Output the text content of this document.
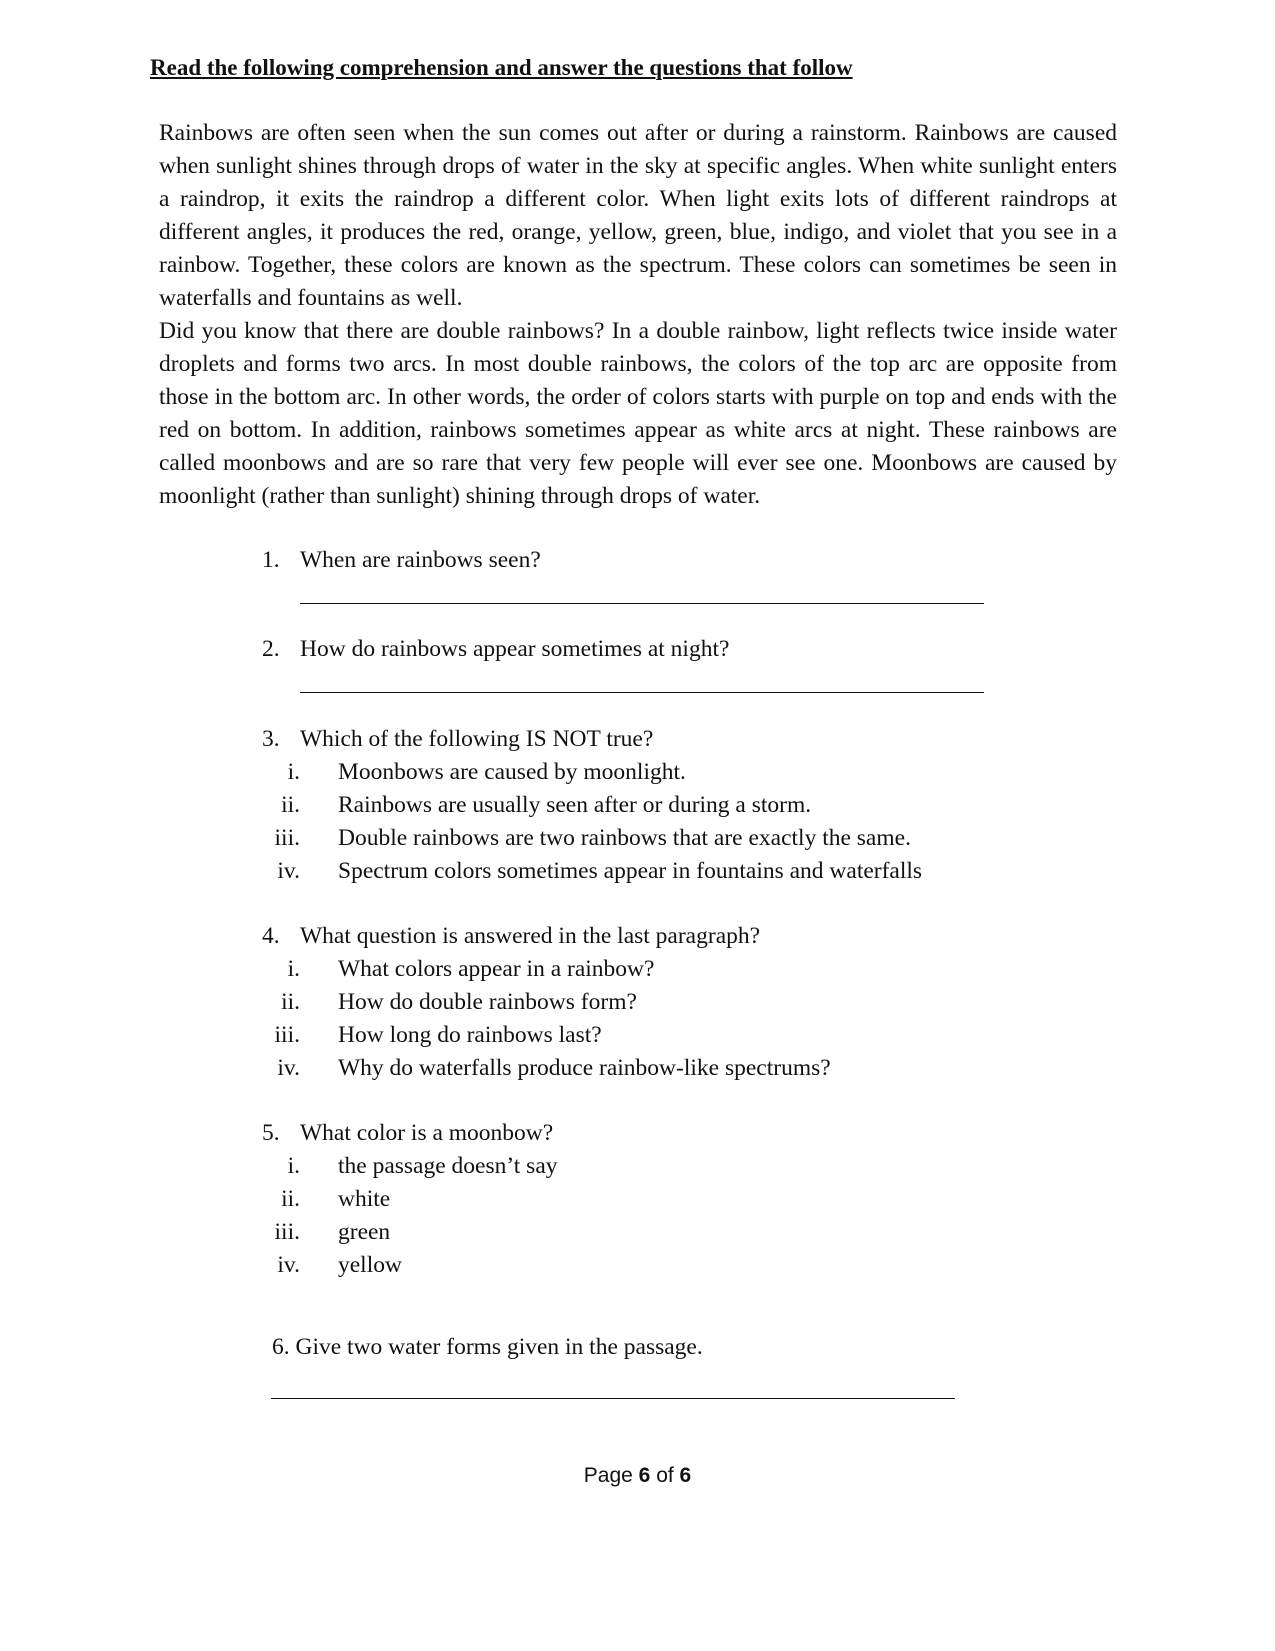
Read the following comprehension and answer the questions that follow

Rainbows are often seen when the sun comes out after or during a rainstorm. Rainbows are caused when sunlight shines through drops of water in the sky at specific angles. When white sunlight enters a raindrop, it exits the raindrop a different color. When light exits lots of different raindrops at different angles, it produces the red, orange, yellow, green, blue, indigo, and violet that you see in a rainbow. Together, these colors are known as the spectrum. These colors can sometimes be seen in waterfalls and fountains as well.

Did you know that there are double rainbows? In a double rainbow, light reflects twice inside water droplets and forms two arcs. In most double rainbows, the colors of the top arc are opposite from those in the bottom arc. In other words, the order of colors starts with purple on top and ends with the red on bottom. In addition, rainbows sometimes appear as white arcs at night. These rainbows are called moonbows and are so rare that very few people will ever see one. Moonbows are caused by moonlight (rather than sunlight) shining through drops of water.

1. When are rainbows seen?
2. How do rainbows appear sometimes at night?
3. Which of the following IS NOT true?
i. Moonbows are caused by moonlight.
ii. Rainbows are usually seen after or during a storm.
iii. Double rainbows are two rainbows that are exactly the same.
iv. Spectrum colors sometimes appear in fountains and waterfalls
4. What question is answered in the last paragraph?
i. What colors appear in a rainbow?
ii. How do double rainbows form?
iii. How long do rainbows last?
iv. Why do waterfalls produce rainbow-like spectrums?
5. What color is a moonbow?
i. the passage doesn’t say
ii. white
iii. green
iv. yellow
6. Give two water forms given in the passage.
Page 6 of 6
